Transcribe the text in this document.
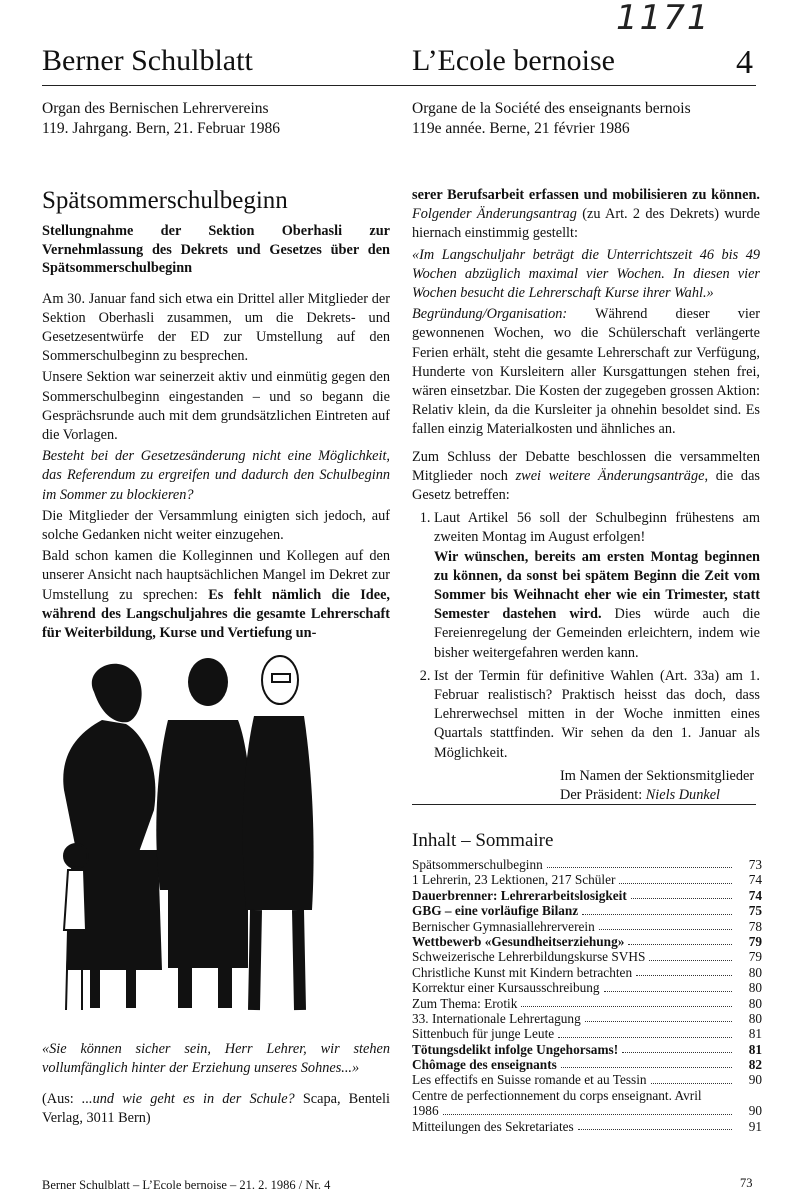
1171
Berner Schulblatt	L’Ecole bernoise	4
Organ des Bernischen Lehrervereins
119. Jahrgang. Bern, 21. Februar 1986
Organe de la Société des enseignants bernois
119e année. Berne, 21 février 1986
Spätsommerschulbeginn
Stellungnahme der Sektion Oberhasli zur Vernehmlassung des Dekrets und Gesetzes über den Spätsommerschulbeginn

Am 30. Januar fand sich etwa ein Drittel aller Mitglieder der Sektion Oberhasli zusammen, um die Dekrets- und Gesetzesentwürfe der ED zur Umstellung auf den Sommerschulbeginn zu besprechen.

Unsere Sektion war seinerzeit aktiv und einmütig gegen den Sommerschulbeginn eingestanden – und so begann die Gesprächsrunde auch mit dem grundsätzlichen Eintreten auf die Vorlagen.

Besteht bei der Gesetzesänderung nicht eine Möglichkeit, das Referendum zu ergreifen und dadurch den Schulbeginn im Sommer zu blockieren?

Die Mitglieder der Versammlung einigten sich jedoch, auf solche Gedanken nicht weiter einzugehen.

Bald schon kamen die Kolleginnen und Kollegen auf den unserer Ansicht nach hauptsächlichen Mangel im Dekret zur Umstellung zu sprechen: Es fehlt nämlich die Idee, während des Langschuljahres die gesamte Lehrerschaft für Weiterbildung, Kurse und Vertiefung un-

«Sie können sicher sein, Herr Lehrer, wir stehen vollumfänglich hinter der Erziehung unseres Sohnes...»
(Aus: ...und wie geht es in der Schule? Scapa, Benteli Verlag, 3011 Bern)

serer Berufsarbeit erfassen und mobilisieren zu können. Folgender Änderungsantrag (zu Art. 2 des Dekrets) wurde hiernach einstimmig gestellt:

«Im Langschuljahr beträgt die Unterrichtszeit 46 bis 49 Wochen abzüglich maximal vier Wochen. In diesen vier Wochen besucht die Lehrerschaft Kurse ihrer Wahl.»

Begründung/Organisation: Während dieser vier gewonnenen Wochen, wo die Schülerschaft verlängerte Ferien erhält, steht die gesamte Lehrerschaft zur Verfügung, Hunderte von Kursleitern aller Kursgattungen stehen frei, wären einsetzbar. Die Kosten der zugegeben grossen Aktion: Relativ klein, da die Kursleiter ja ohnehin besoldet sind. Es fallen einzig Materialkosten und ähnliches an.

Zum Schluss der Debatte beschlossen die versammelten Mitglieder noch zwei weitere Änderungsanträge, die das Gesetz betreffen:

1. Laut Artikel 56 soll der Schulbeginn frühestens am zweiten Montag im August erfolgen!
Wir wünschen, bereits am ersten Montag beginnen zu können, da sonst bei spätem Beginn die Zeit vom Sommer bis Weihnacht eher wie ein Trimester, statt Semester dastehen wird. Dies würde auch die Fereienregelung der Gemeinden erleichtern, indem wie bisher weitergefahren werden kann.
2. Ist der Termin für definitive Wahlen (Art. 33a) am 1. Februar realistisch? Praktisch heisst das doch, dass Lehrerwechsel mitten in der Woche inmitten eines Quartals stattfinden. Wir sehen da den 1. Januar als Möglichkeit.
Im Namen der Sektionsmitglieder
Der Präsident: Niels Dunkel
Inhalt – Sommaire
Spätsommerschulbeginn	73
1 Lehrerin, 23 Lektionen, 217 Schüler	74
Dauerbrenner: Lehrerarbeitslosigkeit	74
GBG – eine vorläufige Bilanz	75
Bernischer Gymnasiallehrerverein	78
Wettbewerb «Gesundheitserziehung»	79
Schweizerische Lehrerbildungskurse SVHS	79
Christliche Kunst mit Kindern betrachten	80
Korrektur einer Kursausschreibung	80
Zum Thema: Erotik	80
33. Internationale Lehrertagung	80
Sittenbuch für junge Leute	81
Tötungsdelikt infolge Ungehorsams!	81
Chômage des enseignants	82
Les effectifs en Suisse romande et au Tessin	90
Centre de perfectionnement du corps enseignant. Avril
1986	90
Mitteilungen des Sekretariates	91
Berner Schulblatt – L’Ecole bernoise – 21. 2. 1986 / Nr. 4	73
